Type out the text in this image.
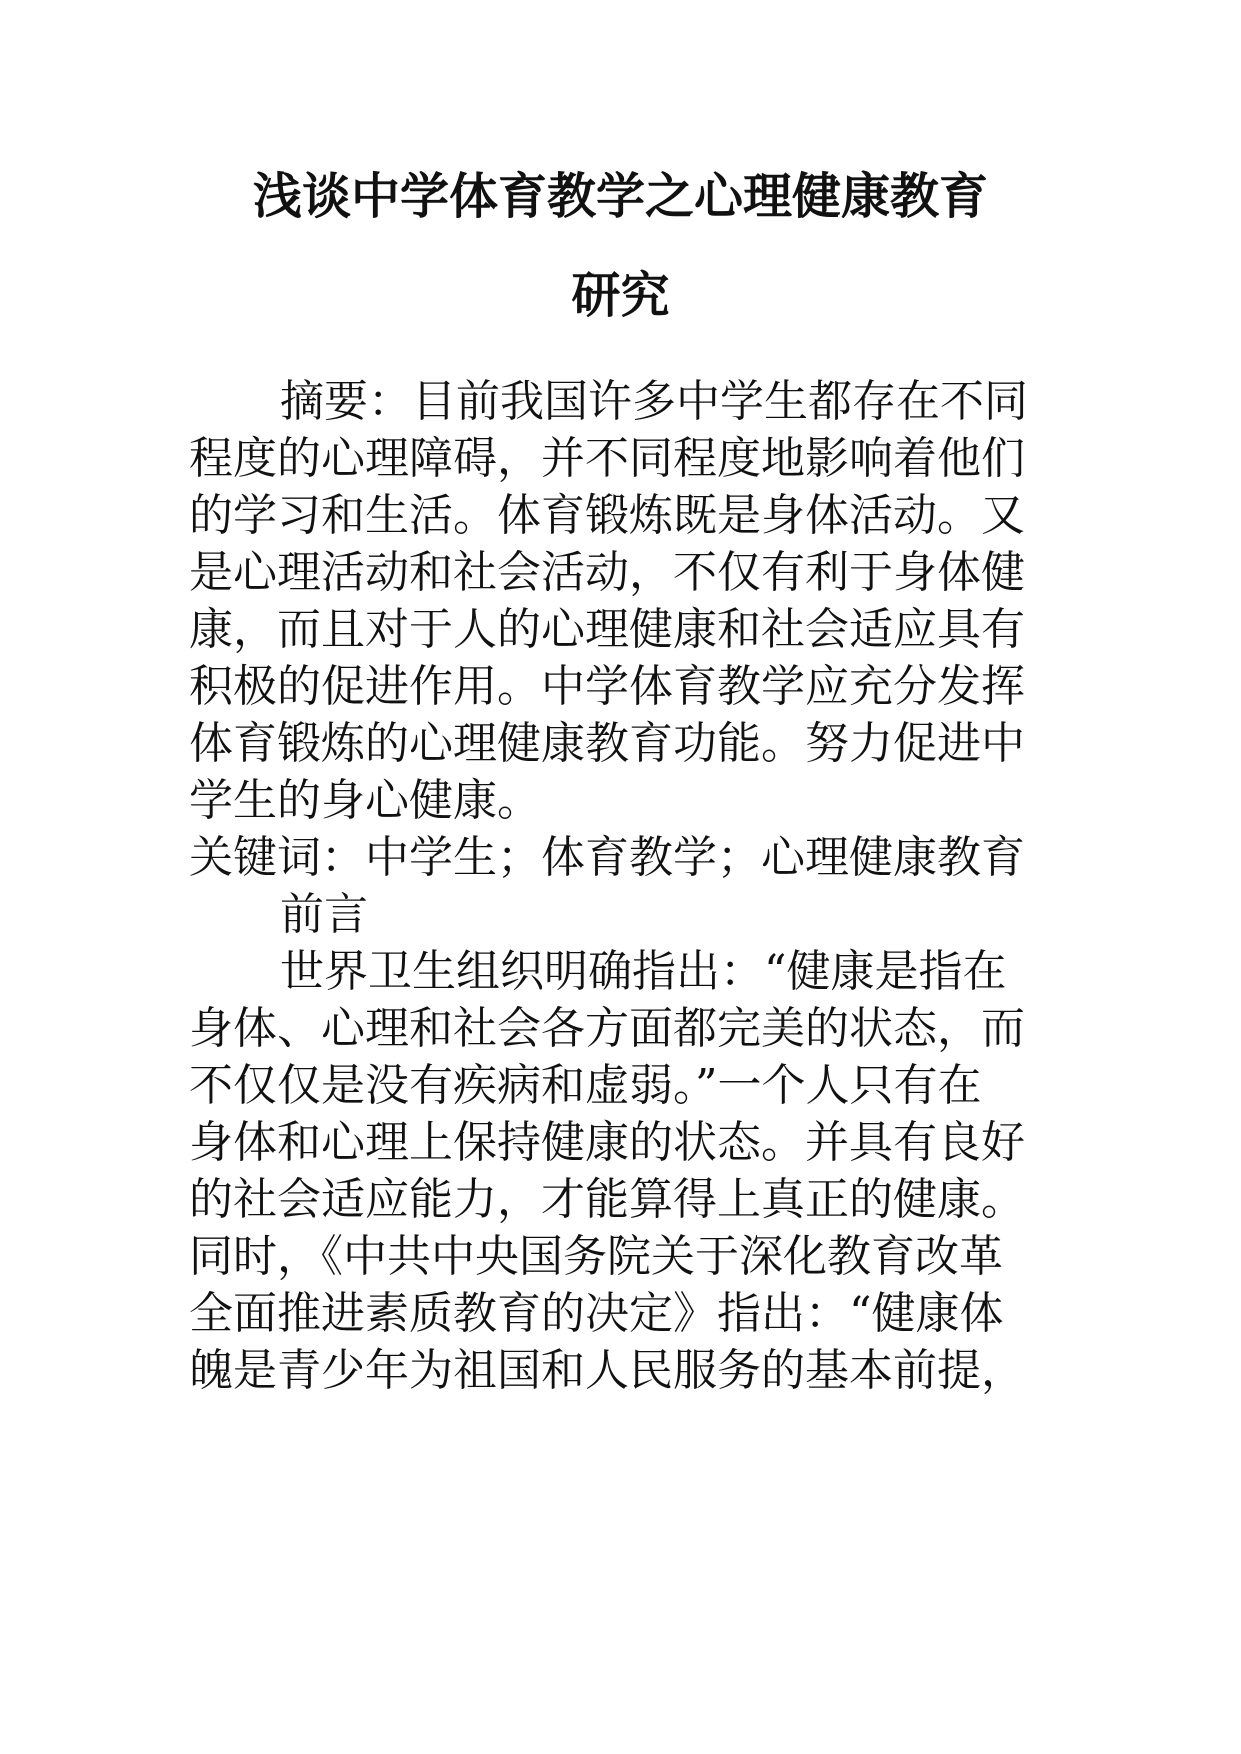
浅谈中学体育教学之心理健康教育
研究
摘要：目前我国许多中学生都存在不同
程度的心理障碍，并不同程度地影响着他们
的学习和生活。体育锻炼既是身体活动。又
是心理活动和社会活动，不仅有利于身体健
康，而且对于人的心理健康和社会适应具有
积极的促进作用。中学体育教学应充分发挥
体育锻炼的心理健康教育功能。努力促进中
学生的身心健康。
关键词：中学生；体育教学；心理健康教育
前言
世界卫生组织明确指出：“健康是指在
身体、心理和社会各方面都完美的状态，而
不仅仅是没有疾病和虚弱。”一个人只有在
身体和心理上保持健康的状态。并具有良好
的社会适应能力，才能算得上真正的健康。
同时，《中共中央国务院关于深化教育改革
全面推进素质教育的决定》指出：“健康体
魄是青少年为祖国和人民服务的基本前提，
